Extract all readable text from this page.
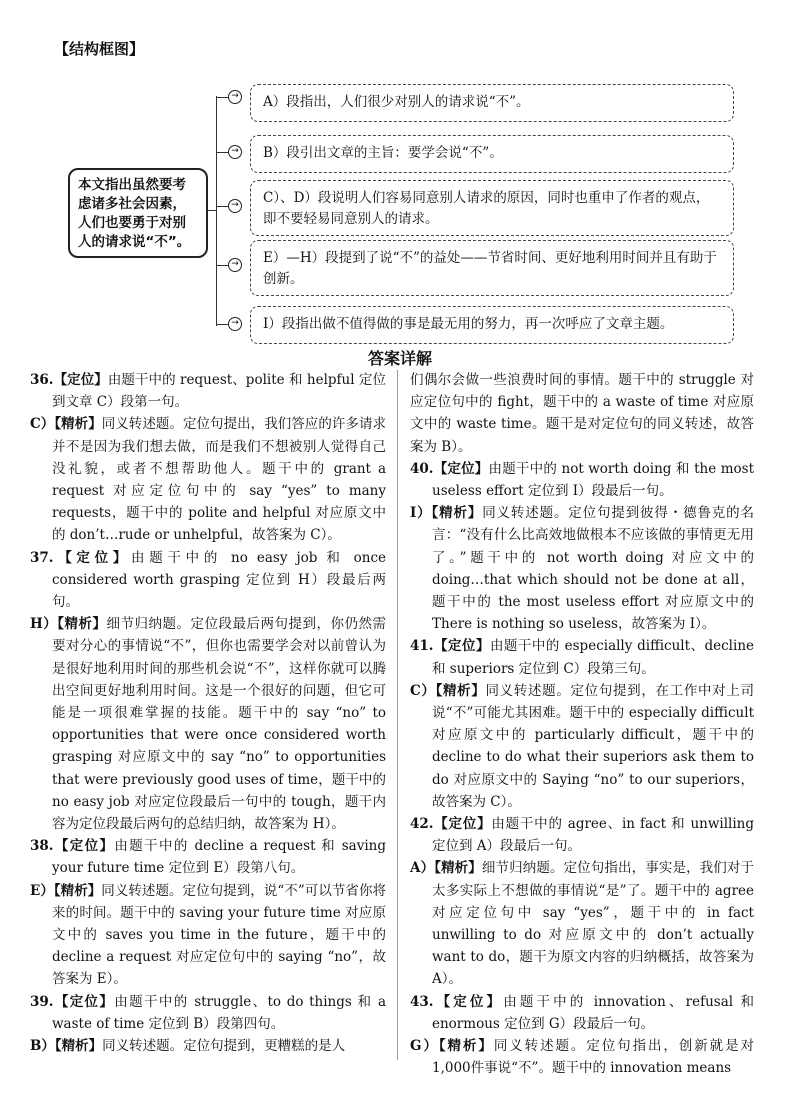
【结构框图】
本文指出虽然要考虑诸多社会因素，人们也要勇于对别人的请求说“不”。
→
→
→
→
→
A）段指出，人们很少对别人的请求说“不”。
B）段引出文章的主旨：要学会说“不”。
C）、D）段说明人们容易同意别人请求的原因，同时也重申了作者的观点，即不要轻易同意别人的请求。
E）—H）段提到了说“不”的益处——节省时间、更好地利用时间并且有助于创新。
I）段指出做不值得做的事是最无用的努力，再一次呼应了文章主题。
答案详解

36.【定位】由题干中的 request、polite 和 helpful 定位到文章 C）段第一句。

C）【精析】同义转述题。定位句提出，我们答应的许多请求并不是因为我们想去做，而是我们不想被别人觉得自己没礼貌，或者不想帮助他人。题干中的 grant a request 对应定位句中的 say “yes” to many requests，题干中的 polite and helpful 对应原文中的 don’t…rude or unhelpful，故答案为 C）。

37.【定位】由题干中的 no easy job 和 once considered worth grasping 定位到 H）段最后两句。

H）【精析】细节归纳题。定位段最后两句提到，你仍然需要对分心的事情说“不”，但你也需要学会对以前曾认为是很好地利用时间的那些机会说“不”，这样你就可以腾出空间更好地利用时间。这是一个很好的问题，但它可能是一项很难掌握的技能。题干中的 say “no” to opportunities that were once considered worth grasping 对应原文中的 say “no” to opportunities that were previously good uses of time，题干中的 no easy job 对应定位段最后一句中的 tough，题干内容为定位段最后两句的总结归纳，故答案为 H）。

38.【定位】由题干中的 decline a request 和 saving your future time 定位到 E）段第八句。

E）【精析】同义转述题。定位句提到，说“不”可以节省你将来的时间。题干中的 saving your future time 对应原文中的 saves you time in the future，题干中的 decline a request 对应定位句中的 saying “no”，故答案为 E）。

39.【定位】由题干中的 struggle、to do things 和 a waste of time 定位到 B）段第四句。

B）【精析】同义转述题。定位句提到，更糟糕的是人

们偶尔会做一些浪费时间的事情。题干中的 struggle 对应定位句中的 fight，题干中的 a waste of time 对应原文中的 waste time。题干是对定位句的同义转述，故答案为 B）。

40.【定位】由题干中的 not worth doing 和 the most useless effort 定位到 I）段最后一句。

I）【精析】同义转述题。定位句提到彼得・德鲁克的名言：“没有什么比高效地做根本不应该做的事情更无用了。”题干中的 not worth doing 对应文中的 doing…that which should not be done at all，题干中的 the most useless effort 对应原文中的 There is nothing so useless，故答案为 I）。

41.【定位】由题干中的 especially difficult、decline 和 superiors 定位到 C）段第三句。

C）【精析】同义转述题。定位句提到，在工作中对上司说“不”可能尤其困难。题干中的 especially difficult 对应原文中的 particularly difficult，题干中的 decline to do what their superiors ask them to do 对应原文中的 Saying “no” to our superiors，故答案为 C）。

42.【定位】由题干中的 agree、in fact 和 unwilling 定位到 A）段最后一句。

A）【精析】细节归纳题。定位句指出，事实是，我们对于太多实际上不想做的事情说“是”了。题干中的 agree 对应定位句中 say “yes”，题干中的 in fact unwilling to do 对应原文中的 don’t actually want to do，题干为原文内容的归纳概括，故答案为 A）。

43.【定位】由题干中的 innovation、refusal 和 enormous 定位到 G）段最后一句。

G）【精析】同义转述题。定位句指出，创新就是对 1,000件事说“不”。题干中的 innovation means
